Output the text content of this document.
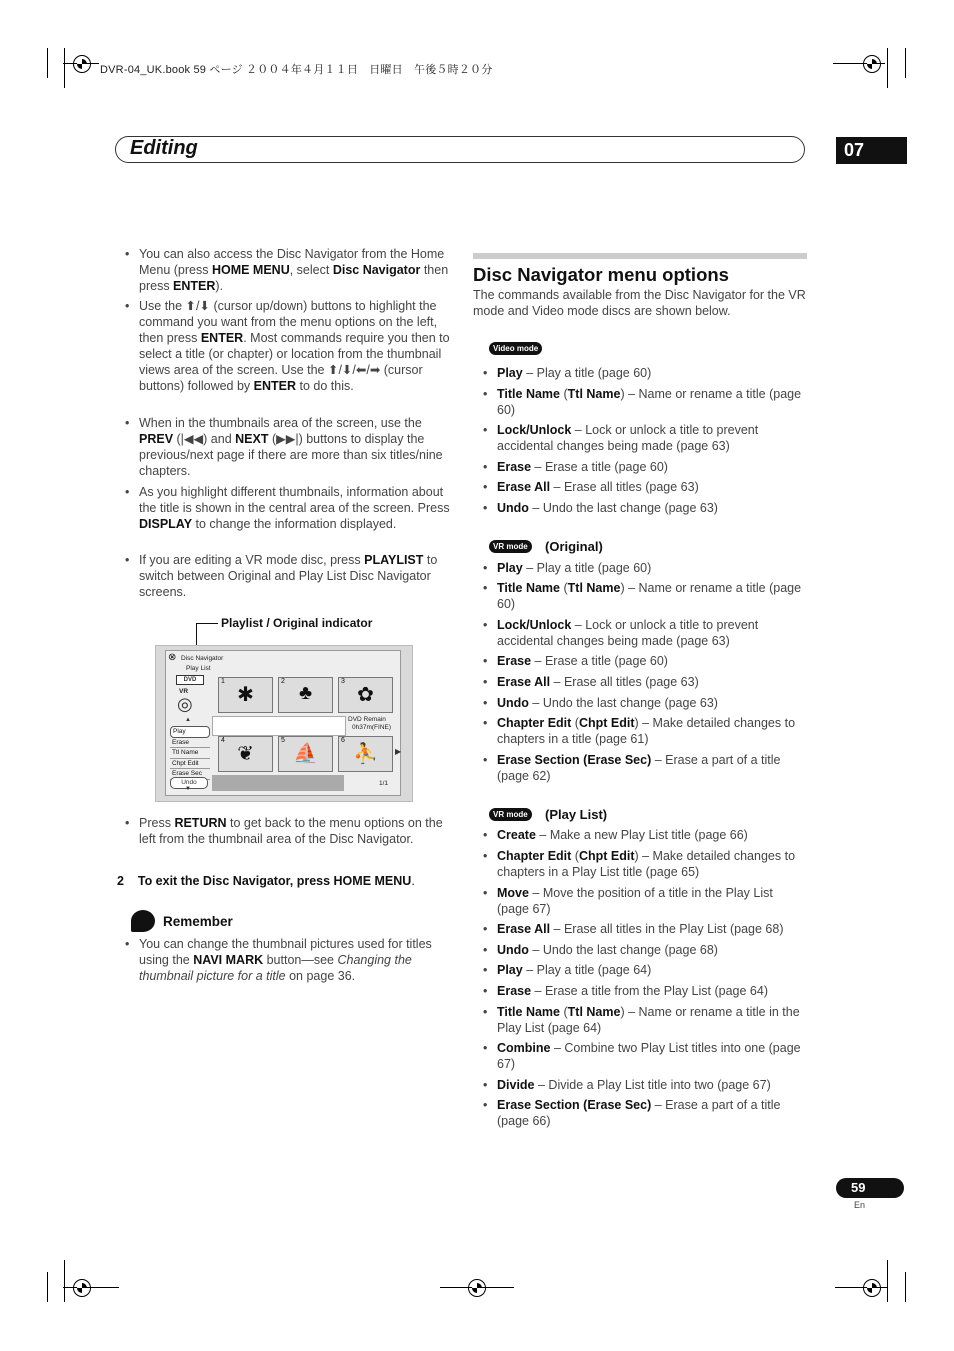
DVR-04_UK.book 59 ページ ２００４年４月１１日　日曜日　午後５時２０分
Editing	07
• You can also access the Disc Navigator from the Home Menu (press HOME MENU, select Disc Navigator then press ENTER).
• Use the ⬆/⬇ (cursor up/down) buttons to highlight the command you want from the menu options on the left, then press ENTER. Most commands require you then to select a title (or chapter) or location from the thumbnail views area of the screen. Use the ⬆/⬇/⬅/➡ (cursor buttons) followed by ENTER to do this.
• When in the thumbnails area of the screen, use the PREV (|◀◀) and NEXT (▶▶|) buttons to display the previous/next page if there are more than six titles/nine chapters.
• As you highlight different thumbnails, information about the title is shown in the central area of the screen. Press DISPLAY to change the information displayed.
• If you are editing a VR mode disc, press PLAYLIST to switch between Original and Play List Disc Navigator screens.
Playlist / Original indicator
⊗ Disc Navigator
Play List
DVD
VR
◎
Play
Erase
Ttl Name
Chpt Edit
Erase Sec
Undo
▼
▲
1
✱
2
♣
3
✿
DVD Remain
0h37m(FINE)
4
❦
5
⛵
6
⛹	▶
1/1
• Press RETURN to get back to the menu options on the left from the thumbnail area of the Disc Navigator.
2 To exit the Disc Navigator, press HOME MENU.
Remember
• You can change the thumbnail pictures used for titles using the NAVI MARK button—see Changing the thumbnail picture for a title on page 36.
Disc Navigator menu options
The commands available from the Disc Navigator for the VR mode and Video mode discs are shown below.
Video mode
VR mode	(Original)
VR mode	(Play List)
• Play – Play a title (page 60)
• Title Name (Ttl Name) – Name or rename a title (page 60)
• Lock/Unlock – Lock or unlock a title to prevent accidental changes being made (page 63)
• Erase – Erase a title (page 60)
• Erase All – Erase all titles (page 63)
• Undo – Undo the last change (page 63)
• Play – Play a title (page 60)
• Title Name (Ttl Name) – Name or rename a title (page 60)
• Lock/Unlock – Lock or unlock a title to prevent accidental changes being made (page 63)
• Erase – Erase a title (page 60)
• Erase All – Erase all titles (page 63)
• Undo – Undo the last change (page 63)
• Chapter Edit (Chpt Edit) – Make detailed changes to chapters in a title (page 61)
• Erase Section (Erase Sec) – Erase a part of a title (page 62)
• Create – Make a new Play List title (page 66)
• Chapter Edit (Chpt Edit) – Make detailed changes to chapters in a Play List title (page 65)
• Move – Move the position of a title in the Play List (page 67)
• Erase All – Erase all titles in the Play List (page 68)
• Undo – Undo the last change (page 68)
• Play – Play a title (page 64)
• Erase – Erase a title from the Play List (page 64)
• Title Name (Ttl Name) – Name or rename a title in the Play List (page 64)
• Combine – Combine two Play List titles into one (page 67)
• Divide – Divide a Play List title into two (page 67)
• Erase Section (Erase Sec) – Erase a part of a title (page 66)
59
En
